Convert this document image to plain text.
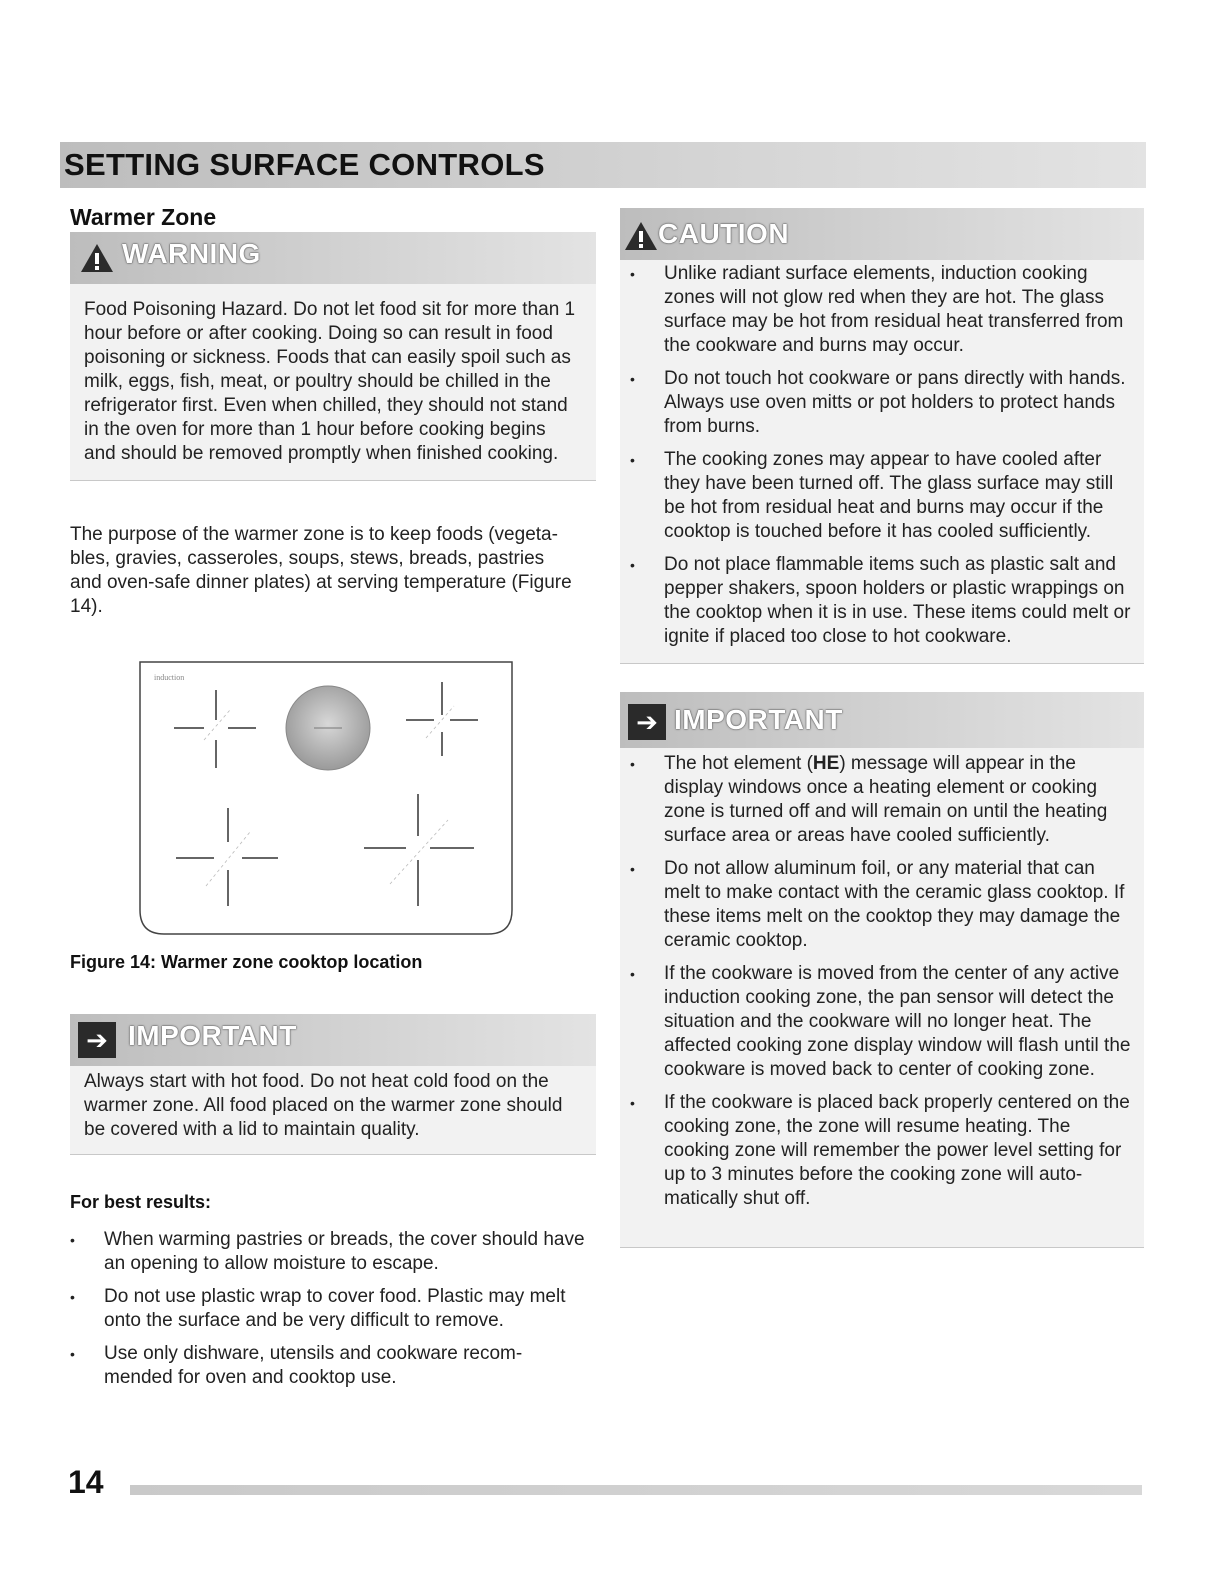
SETTING SURFACE CONTROLS
Warmer Zone
WARNING
Food Poisoning Hazard. Do not let food sit for more than 1 hour before or after cooking. Doing so can result in food poisoning or sickness. Foods that can easily spoil such as milk, eggs, fish, meat, or poultry should be chilled in the refrigerator first. Even when chilled, they should not stand in the oven for more than 1 hour before cooking begins and should be removed promptly when finished cooking.
The purpose of the warmer zone is to keep foods (vegeta-bles, gravies, casseroles, soups, stews, breads, pastries and oven-safe dinner plates) at serving temperature (Figure 14).
induction
Figure 14: Warmer zone cooktop location
➔ IMPORTANT
Always start with hot food. Do not heat cold food on the warmer zone. All food placed on the warmer zone should be covered with a lid to maintain quality.
For best results:
• When warming pastries or breads, the cover should have an opening to allow moisture to escape.
• Do not use plastic wrap to cover food. Plastic may melt onto the surface and be very difficult to remove.
• Use only dishware, utensils and cookware recom-mended for oven and cooktop use.
CAUTION
• Unlike radiant surface elements, induction cooking zones will not glow red when they are hot. The glass surface may be hot from residual heat transferred from the cookware and burns may occur.
• Do not touch hot cookware or pans directly with hands. Always use oven mitts or pot holders to protect hands from burns.
• The cooking zones may appear to have cooled after they have been turned off. The glass surface may still be hot from residual heat and burns may occur if the cooktop is touched before it has cooled sufficiently.
• Do not place flammable items such as plastic salt and pepper shakers, spoon holders or plastic wrappings on the cooktop when it is in use. These items could melt or ignite if placed too close to hot cookware.
➔ IMPORTANT
• The hot element (HE) message will appear in the display windows once a heating element or cooking zone is turned off and will remain on until the heating surface area or areas have cooled sufficiently.
• Do not allow aluminum foil, or any material that can melt to make contact with the ceramic glass cooktop. If these items melt on the cooktop they may damage the ceramic cooktop.
• If the cookware is moved from the center of any active induction cooking zone, the pan sensor will detect the situation and the cookware will no longer heat. The affected cooking zone display window will flash until the cookware is moved back to center of cooking zone.
• If the cookware is placed back properly centered on the cooking zone, the zone will resume heating. The cooking zone will remember the power level setting for up to 3 minutes before the cooking zone will auto-matically shut off.
14
